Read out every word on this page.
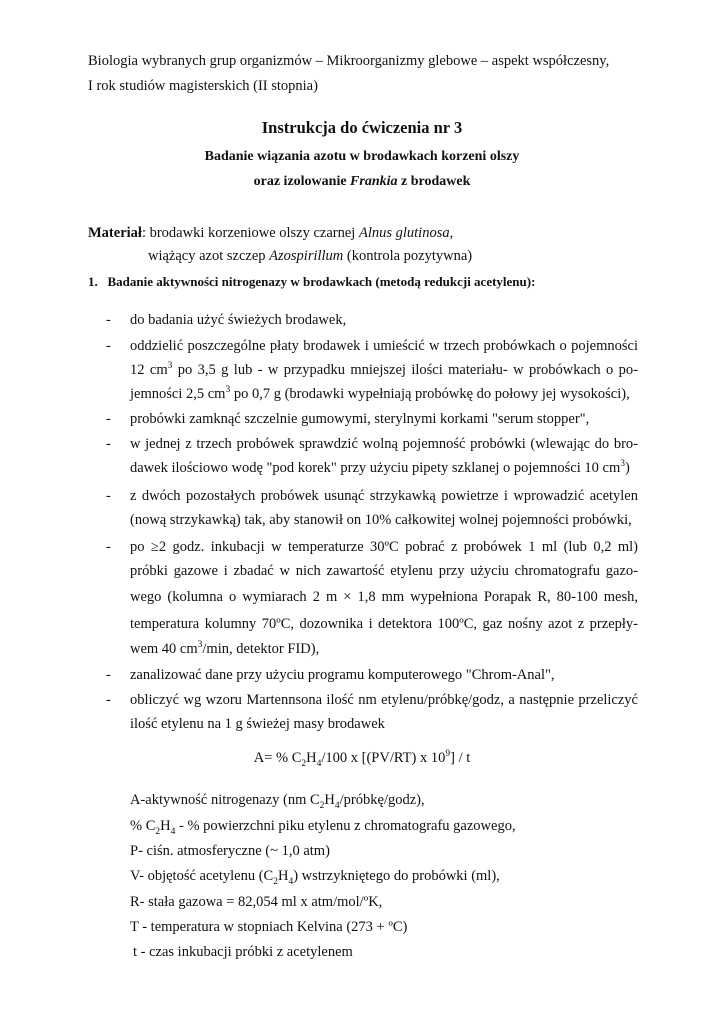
Biologia wybranych grup organizmów – Mikroorganizmy glebowe – aspekt współczesny,
I rok studiów magisterskich (II stopnia)
Instrukcja do ćwiczenia nr 3
Badanie wiązania azotu w brodawkach korzeni olszy
oraz izolowanie Frankia z brodawek
Materiał: brodawki korzeniowe olszy czarnej Alnus glutinosa,
wiążący azot szczep Azospirillum (kontrola pozytywna)
1. Badanie aktywności nitrogenazy w brodawkach (metodą redukcji acetylenu):
- do badania użyć świeżych brodawek,
- oddzielić poszczególne płaty brodawek i umieścić w trzech probówkach o pojemności
12 $cm^3$ po 3,5 g lub - w przypadku mniejszej ilości materiału- w probówkach o po-
jemności 2,5 $cm^3$ po 0,7 g (brodawki wypełniają probówkę do połowy jej wysokości),
- probówki zamknąć szczelnie gumowymi, sterylnymi korkami "serum stopper",
- w jednej z trzech probówek sprawdzić wolną pojemność probówki (wlewając do bro-
dawek ilościowo wodę "pod korek" przy użyciu pipety szklanej o pojemności 10 $cm^3$)
- z dwóch pozostałych probówek usunąć strzykawką powietrze i wprowadzić acetylen
(nową strzykawką) tak, aby stanowił on 10% całkowitej wolnej pojemności probówki,
- po ≥2 godz. inkubacji w temperaturze 30ºC pobrać z probówek 1 ml (lub 0,2 ml)
próbki gazowe i zbadać w nich zawartość etylenu przy użyciu chromatografu gazo-
wego (kolumna o wymiarach 2 m × 1,8 mm wypełniona Porapak R, 80-100 mesh,
temperatura kolumny 70ºC, dozownika i detektora 100ºC, gaz nośny azot z przepły-
wem 40 $cm^3/\min$, detektor FID),
- zanalizować dane przy użyciu programu komputerowego "Chrom-Anal",
- obliczyć wg wzoru Martennsona ilość nm etylenu/próbkę/godz, a następnie przeliczyć
ilość etylenu na 1 g świeżej masy brodawek
A= % $C_2H_4/100$ x [(PV/RT) x $10^9$] / t
A-aktywność nitrogenazy (nm $C_2H_4/próbkę/godz$),
% $C_2H_4$ - % powierzchni piku etylenu z chromatografu gazowego,
P- ciśn. atmosferyczne (~ 1,0 atm)
V- objętość acetylenu $(C_2H_4)$ wstrzykniętego do probówki (ml),
R- stała gazowa = 82,054 ml x atm/mol/ºK,
T - temperatura w stopniach Kelvina (273 + ºC)
t - czas inkubacji próbki z acetylenem
